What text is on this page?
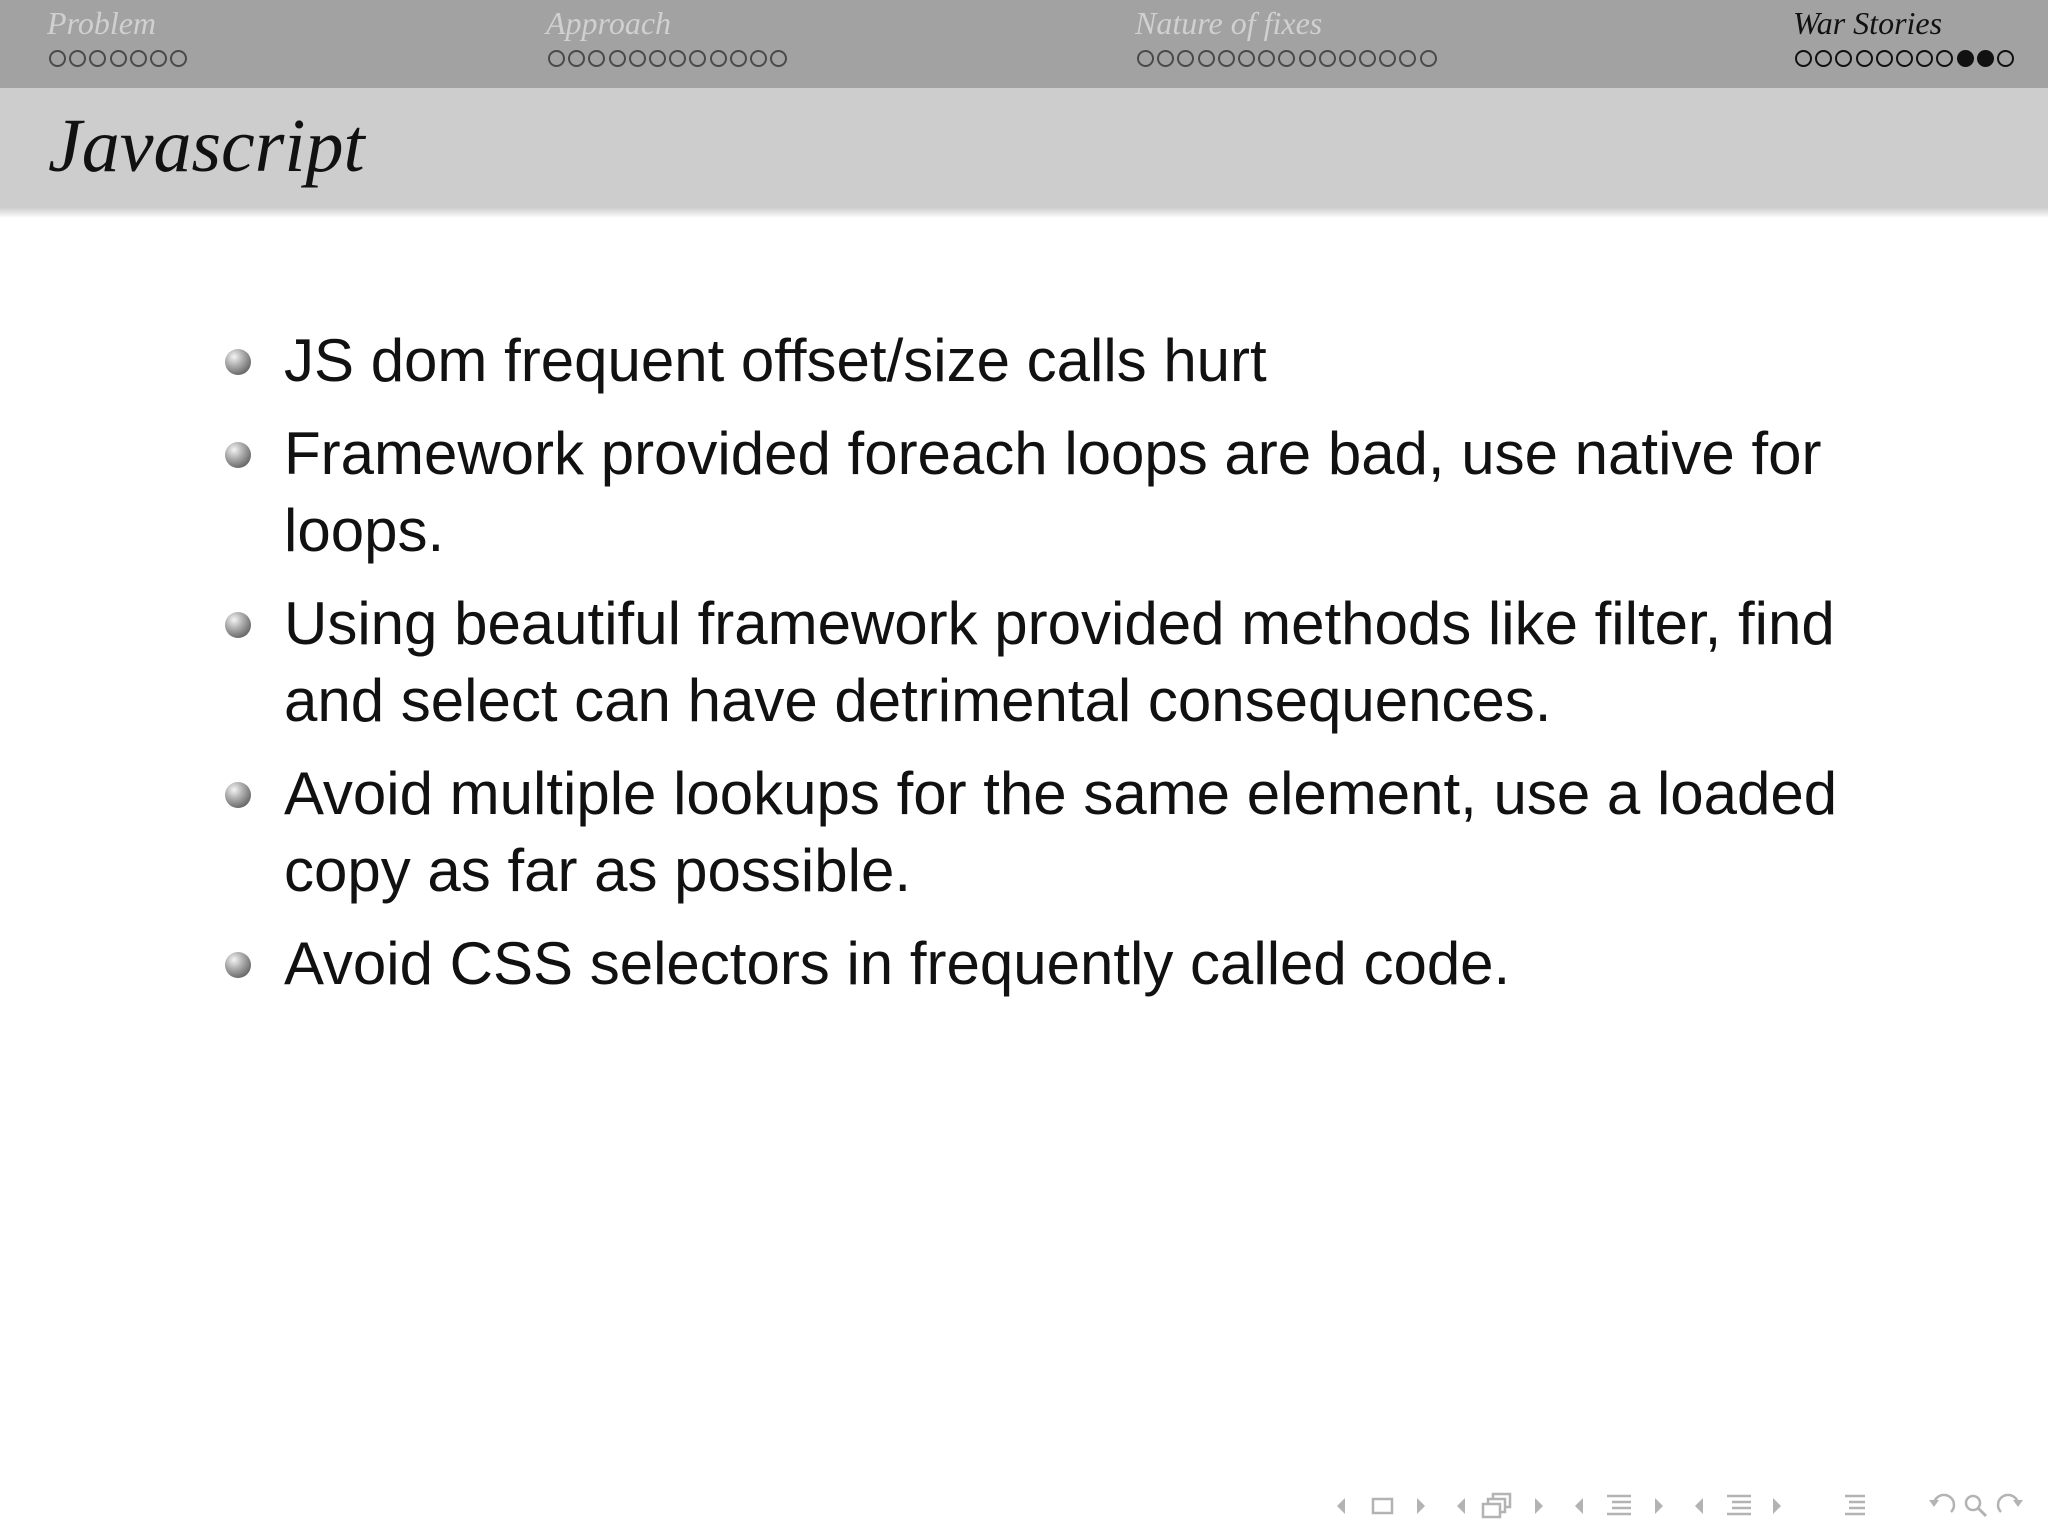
Problem	Approach	Nature of fixes	War Stories
Javascript
JS dom frequent offset/size calls hurt
Framework provided foreach loops are bad, use native for loops.
Using beautiful framework provided methods like filter, find and select can have detrimental consequences.
Avoid multiple lookups for the same element, use a loaded copy as far as possible.
Avoid CSS selectors in frequently called code.
